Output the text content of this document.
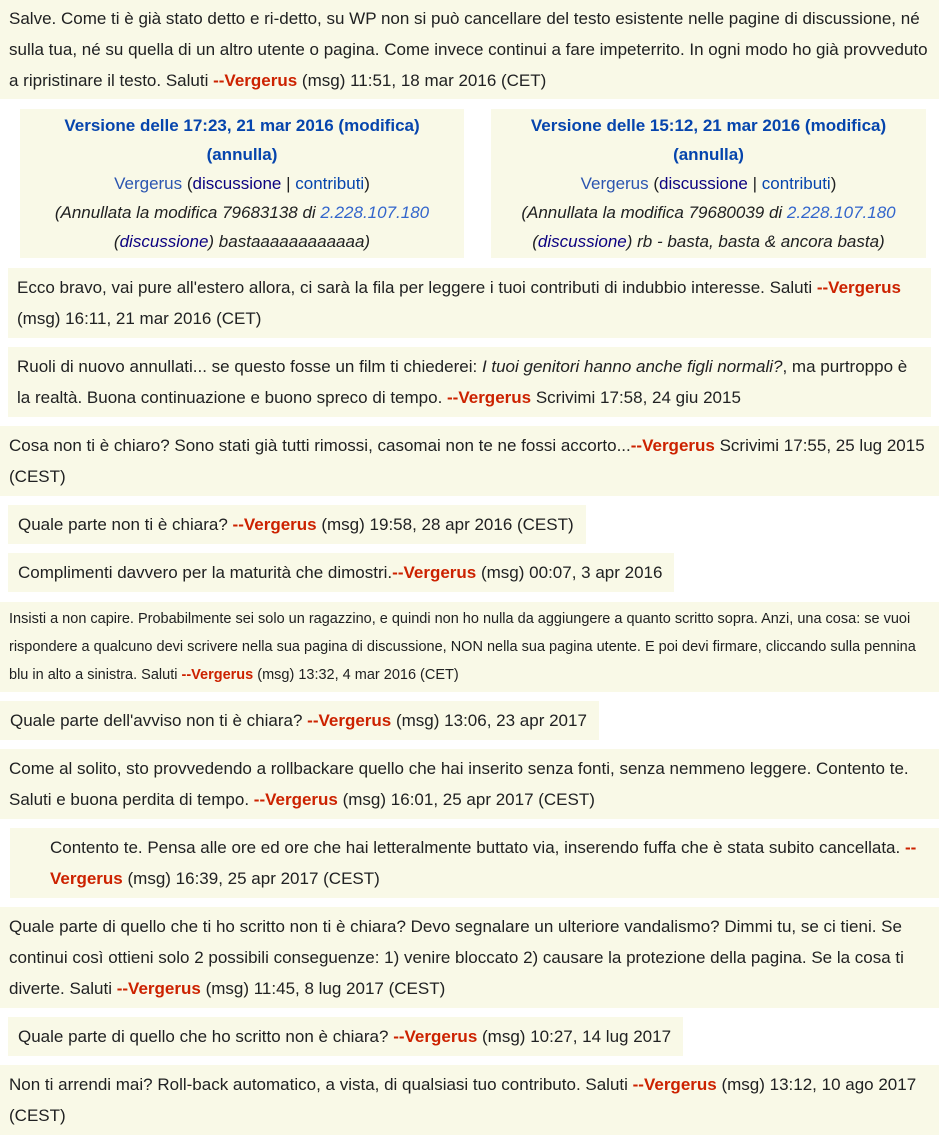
Salve. Come ti è già stato detto e ri-detto, su WP non si può cancellare del testo esistente nelle pagine di discussione, né sulla tua, né su quella di un altro utente o pagina. Come invece continui a fare impeterrito. In ogni modo ho già provveduto a ripristinare il testo. Saluti --Vergerus (msg) 11:51, 18 mar 2016 (CET)
Versione delle 17:23, 21 mar 2016 (modifica)
(annulla)
Vergerus (discussione | contributi)
(Annullata la modifica 79683138 di 2.228.107.180 (discussione) bastaaaaaaaaaaaa)
Versione delle 15:12, 21 mar 2016 (modifica)
(annulla)
Vergerus (discussione | contributi)
(Annullata la modifica 79680039 di 2.228.107.180 (discussione) rb - basta, basta & ancora basta)
Ecco bravo, vai pure all'estero allora, ci sarà la fila per leggere i tuoi contributi di indubbio interesse. Saluti --Vergerus (msg) 16:11, 21 mar 2016 (CET)
Ruoli di nuovo annullati... se questo fosse un film ti chiederei: I tuoi genitori hanno anche figli normali?, ma purtroppo è la realtà. Buona continuazione e buono spreco di tempo. --Vergerus Scrivimi 17:58, 24 giu 2015
Cosa non ti è chiaro? Sono stati già tutti rimossi, casomai non te ne fossi accorto...--Vergerus Scrivimi 17:55, 25 lug 2015 (CEST)
Quale parte non ti è chiara? --Vergerus (msg) 19:58, 28 apr 2016 (CEST)
Complimenti davvero per la maturità che dimostri.--Vergerus (msg) 00:07, 3 apr 2016
Insisti a non capire. Probabilmente sei solo un ragazzino, e quindi non ho nulla da aggiungere a quanto scritto sopra. Anzi, una cosa: se vuoi rispondere a qualcuno devi scrivere nella sua pagina di discussione, NON nella sua pagina utente. E poi devi firmare, cliccando sulla pennina blu in alto a sinistra. Saluti --Vergerus (msg) 13:32, 4 mar 2016 (CET)
Quale parte dell'avviso non ti è chiara? --Vergerus (msg) 13:06, 23 apr 2017
Come al solito, sto provvedendo a rollbackare quello che hai inserito senza fonti, senza nemmeno leggere. Contento te. Saluti e buona perdita di tempo. --Vergerus (msg) 16:01, 25 apr 2017 (CEST)
Contento te. Pensa alle ore ed ore che hai letteralmente buttato via, inserendo fuffa che è stata subito cancellata. --Vergerus (msg) 16:39, 25 apr 2017 (CEST)
Quale parte di quello che ti ho scritto non ti è chiara? Devo segnalare un ulteriore vandalismo? Dimmi tu, se ci tieni. Se continui così ottieni solo 2 possibili conseguenze: 1) venire bloccato 2) causare la protezione della pagina. Se la cosa ti diverte. Saluti --Vergerus (msg) 11:45, 8 lug 2017 (CEST)
Quale parte di quello che ho scritto non è chiara? --Vergerus (msg) 10:27, 14 lug 2017
Non ti arrendi mai? Roll-back automatico, a vista, di qualsiasi tuo contributo. Saluti --Vergerus (msg) 13:12, 10 ago 2017 (CEST)
